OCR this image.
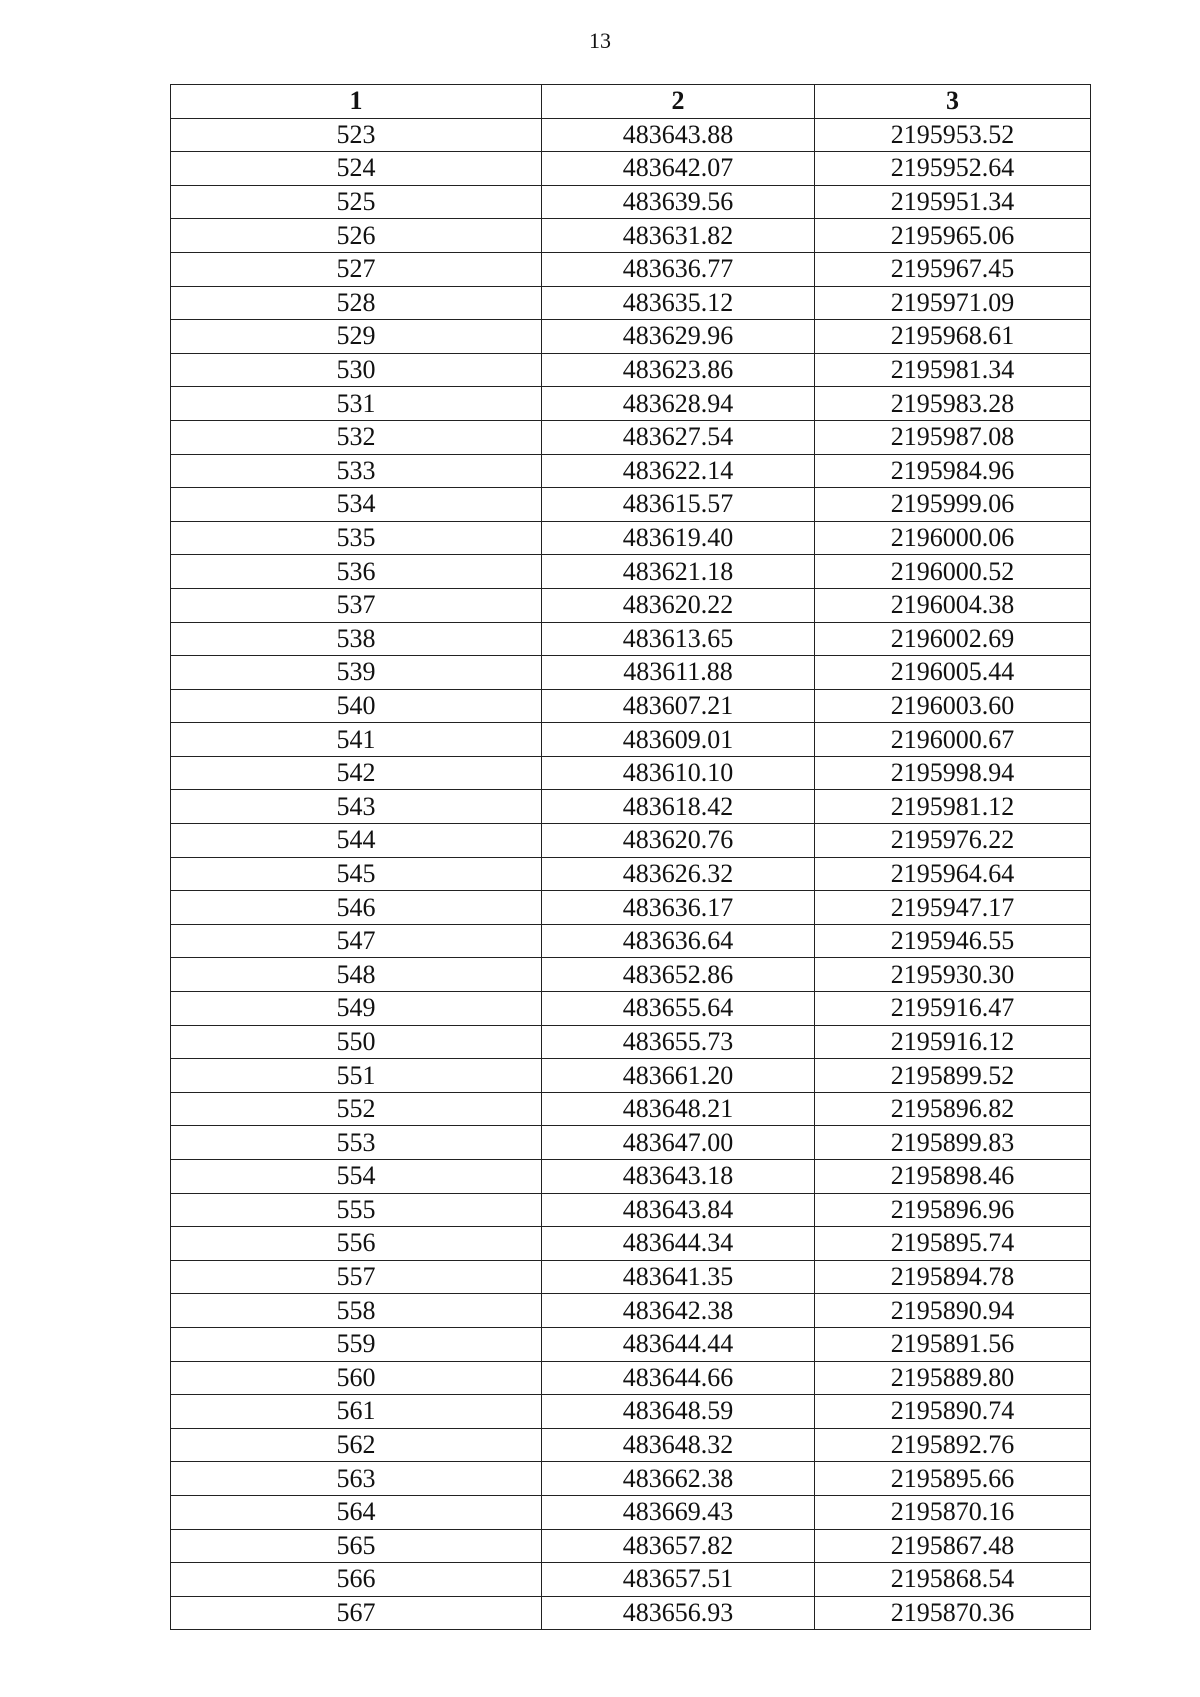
13
1	2	3
523	483643.88	2195953.52
524	483642.07	2195952.64
525	483639.56	2195951.34
526	483631.82	2195965.06
527	483636.77	2195967.45
528	483635.12	2195971.09
529	483629.96	2195968.61
530	483623.86	2195981.34
531	483628.94	2195983.28
532	483627.54	2195987.08
533	483622.14	2195984.96
534	483615.57	2195999.06
535	483619.40	2196000.06
536	483621.18	2196000.52
537	483620.22	2196004.38
538	483613.65	2196002.69
539	483611.88	2196005.44
540	483607.21	2196003.60
541	483609.01	2196000.67
542	483610.10	2195998.94
543	483618.42	2195981.12
544	483620.76	2195976.22
545	483626.32	2195964.64
546	483636.17	2195947.17
547	483636.64	2195946.55
548	483652.86	2195930.30
549	483655.64	2195916.47
550	483655.73	2195916.12
551	483661.20	2195899.52
552	483648.21	2195896.82
553	483647.00	2195899.83
554	483643.18	2195898.46
555	483643.84	2195896.96
556	483644.34	2195895.74
557	483641.35	2195894.78
558	483642.38	2195890.94
559	483644.44	2195891.56
560	483644.66	2195889.80
561	483648.59	2195890.74
562	483648.32	2195892.76
563	483662.38	2195895.66
564	483669.43	2195870.16
565	483657.82	2195867.48
566	483657.51	2195868.54
567	483656.93	2195870.36
